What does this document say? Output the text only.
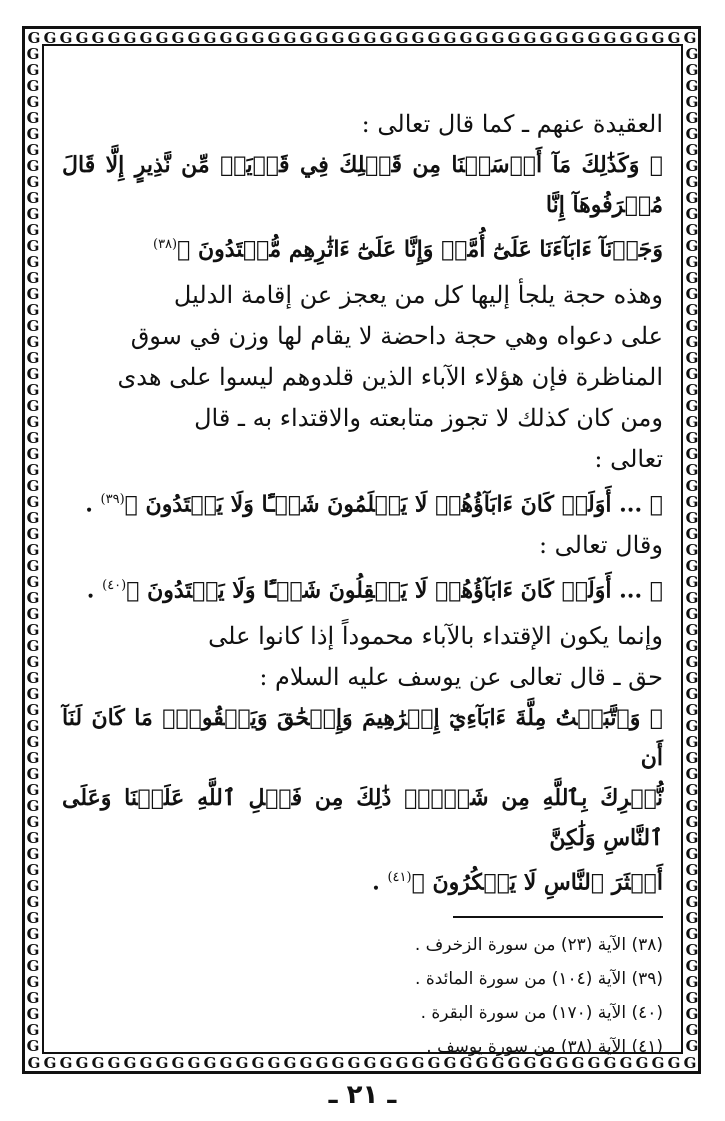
G
G
G
G
G
G
G
G
G
G
G
G
G
G
G
G
G
G
G
G
G
G
G
G
G
G
G
G
G
G
G
G
G
G
G
G
G
G
G
G
G
G
G
G
G
G
G
G
G
G
G
G
G
G
G
G
G
G
G
G
G
G
G
G
G
G
G
G
G
G
G
G
G
G
G
G
G
G
G
G
G
G
G
G
G
G
G
G
G
G
G
G
G
G
G
G
G
G
G
G
G
G
G
G
G
G
G
G
G
G
G
G
G
G
G
G
G
G
G
G
G
G
G
G
G
G
G
G
G
G
G
G
G
G
G
G
G
G
G
G
G
G
G
G
G
G
G
G
G
G
G
G
G
G
G
G
G
G
G
G
G
G
G
G
G
G
G
G
G
G
G
G
G
G
G
G
G
G
G
G
G
G
G
G
G
G
G
G
G
G
G
G
G
G
G
G
G
G
G
G
G
G
G
G
G
G
G
G
G
G

العقيدة عنهم ـ كما قال تعالى :

﴿ وَكَذَٰلِكَ مَآ أَرۡسَلۡنَا مِن قَبۡلِكَ فِي قَرۡيَةٖ مِّن نَّذِيرٍ إِلَّا قَالَ مُتۡرَفُوهَآ إِنَّا

وَجَدۡنَآ ءَابَآءَنَا عَلَىٰٓ أُمَّةٖ وَإِنَّا عَلَىٰٓ ءَاثَٰرِهِم مُّقۡتَدُونَ ﴾$^{(٣٨)}$

وهذه حجة يلجأ إليها كل من يعجز عن إقامة الدليل

على دعواه وهي حجة داحضة لا يقام لها وزن في سوق

المناظرة فإن هؤلاء الآباء الذين قلدوهم ليسوا على هدى

ومن كان كذلك لا تجوز متابعته والاقتداء به ـ قال

تعالى :

﴿ ... أَوَلَوۡ كَانَ ءَابَآؤُهُمۡ لَا يَعۡلَمُونَ شَيۡـًٔا وَلَا يَهۡتَدُونَ ﴾$^{(٣٩)}$ .

وقال تعالى :

﴿ ... أَوَلَوۡ كَانَ ءَابَآؤُهُمۡ لَا يَعۡقِلُونَ شَيۡـًٔا وَلَا يَهۡتَدُونَ ﴾$^{(٤٠)}$ .

وإنما يكون الإقتداء بالآباء محموداً إذا كانوا على

حق ـ قال تعالى عن يوسف عليه السلام :

﴿ وَٱتَّبَعۡتُ مِلَّةَ ءَابَآءِيٓ إِبۡرَٰهِيمَ وَإِسۡحَٰقَ وَيَعۡقُوبَۚ مَا كَانَ لَنَآ أَن

نُّشۡرِكَ بِٱللَّهِ مِن شَيۡءٖۚ ذَٰلِكَ مِن فَضۡلِ ٱللَّهِ عَلَيۡنَا وَعَلَى ٱلنَّاسِ وَلَٰكِنَّ

أَكۡثَرَ ٱلنَّاسِ لَا يَشۡكُرُونَ ﴾$^{(٤١)}$ .

(٣٨) الآية (٢٣) من سورة الزخرف .

(٣٩) الآية (١٠٤) من سورة المائدة .

(٤٠) الآية (١٧٠) من سورة البقرة .

(٤١) الآية (٣٨) من سورة يوسف .

ـ ٢١ ـ
